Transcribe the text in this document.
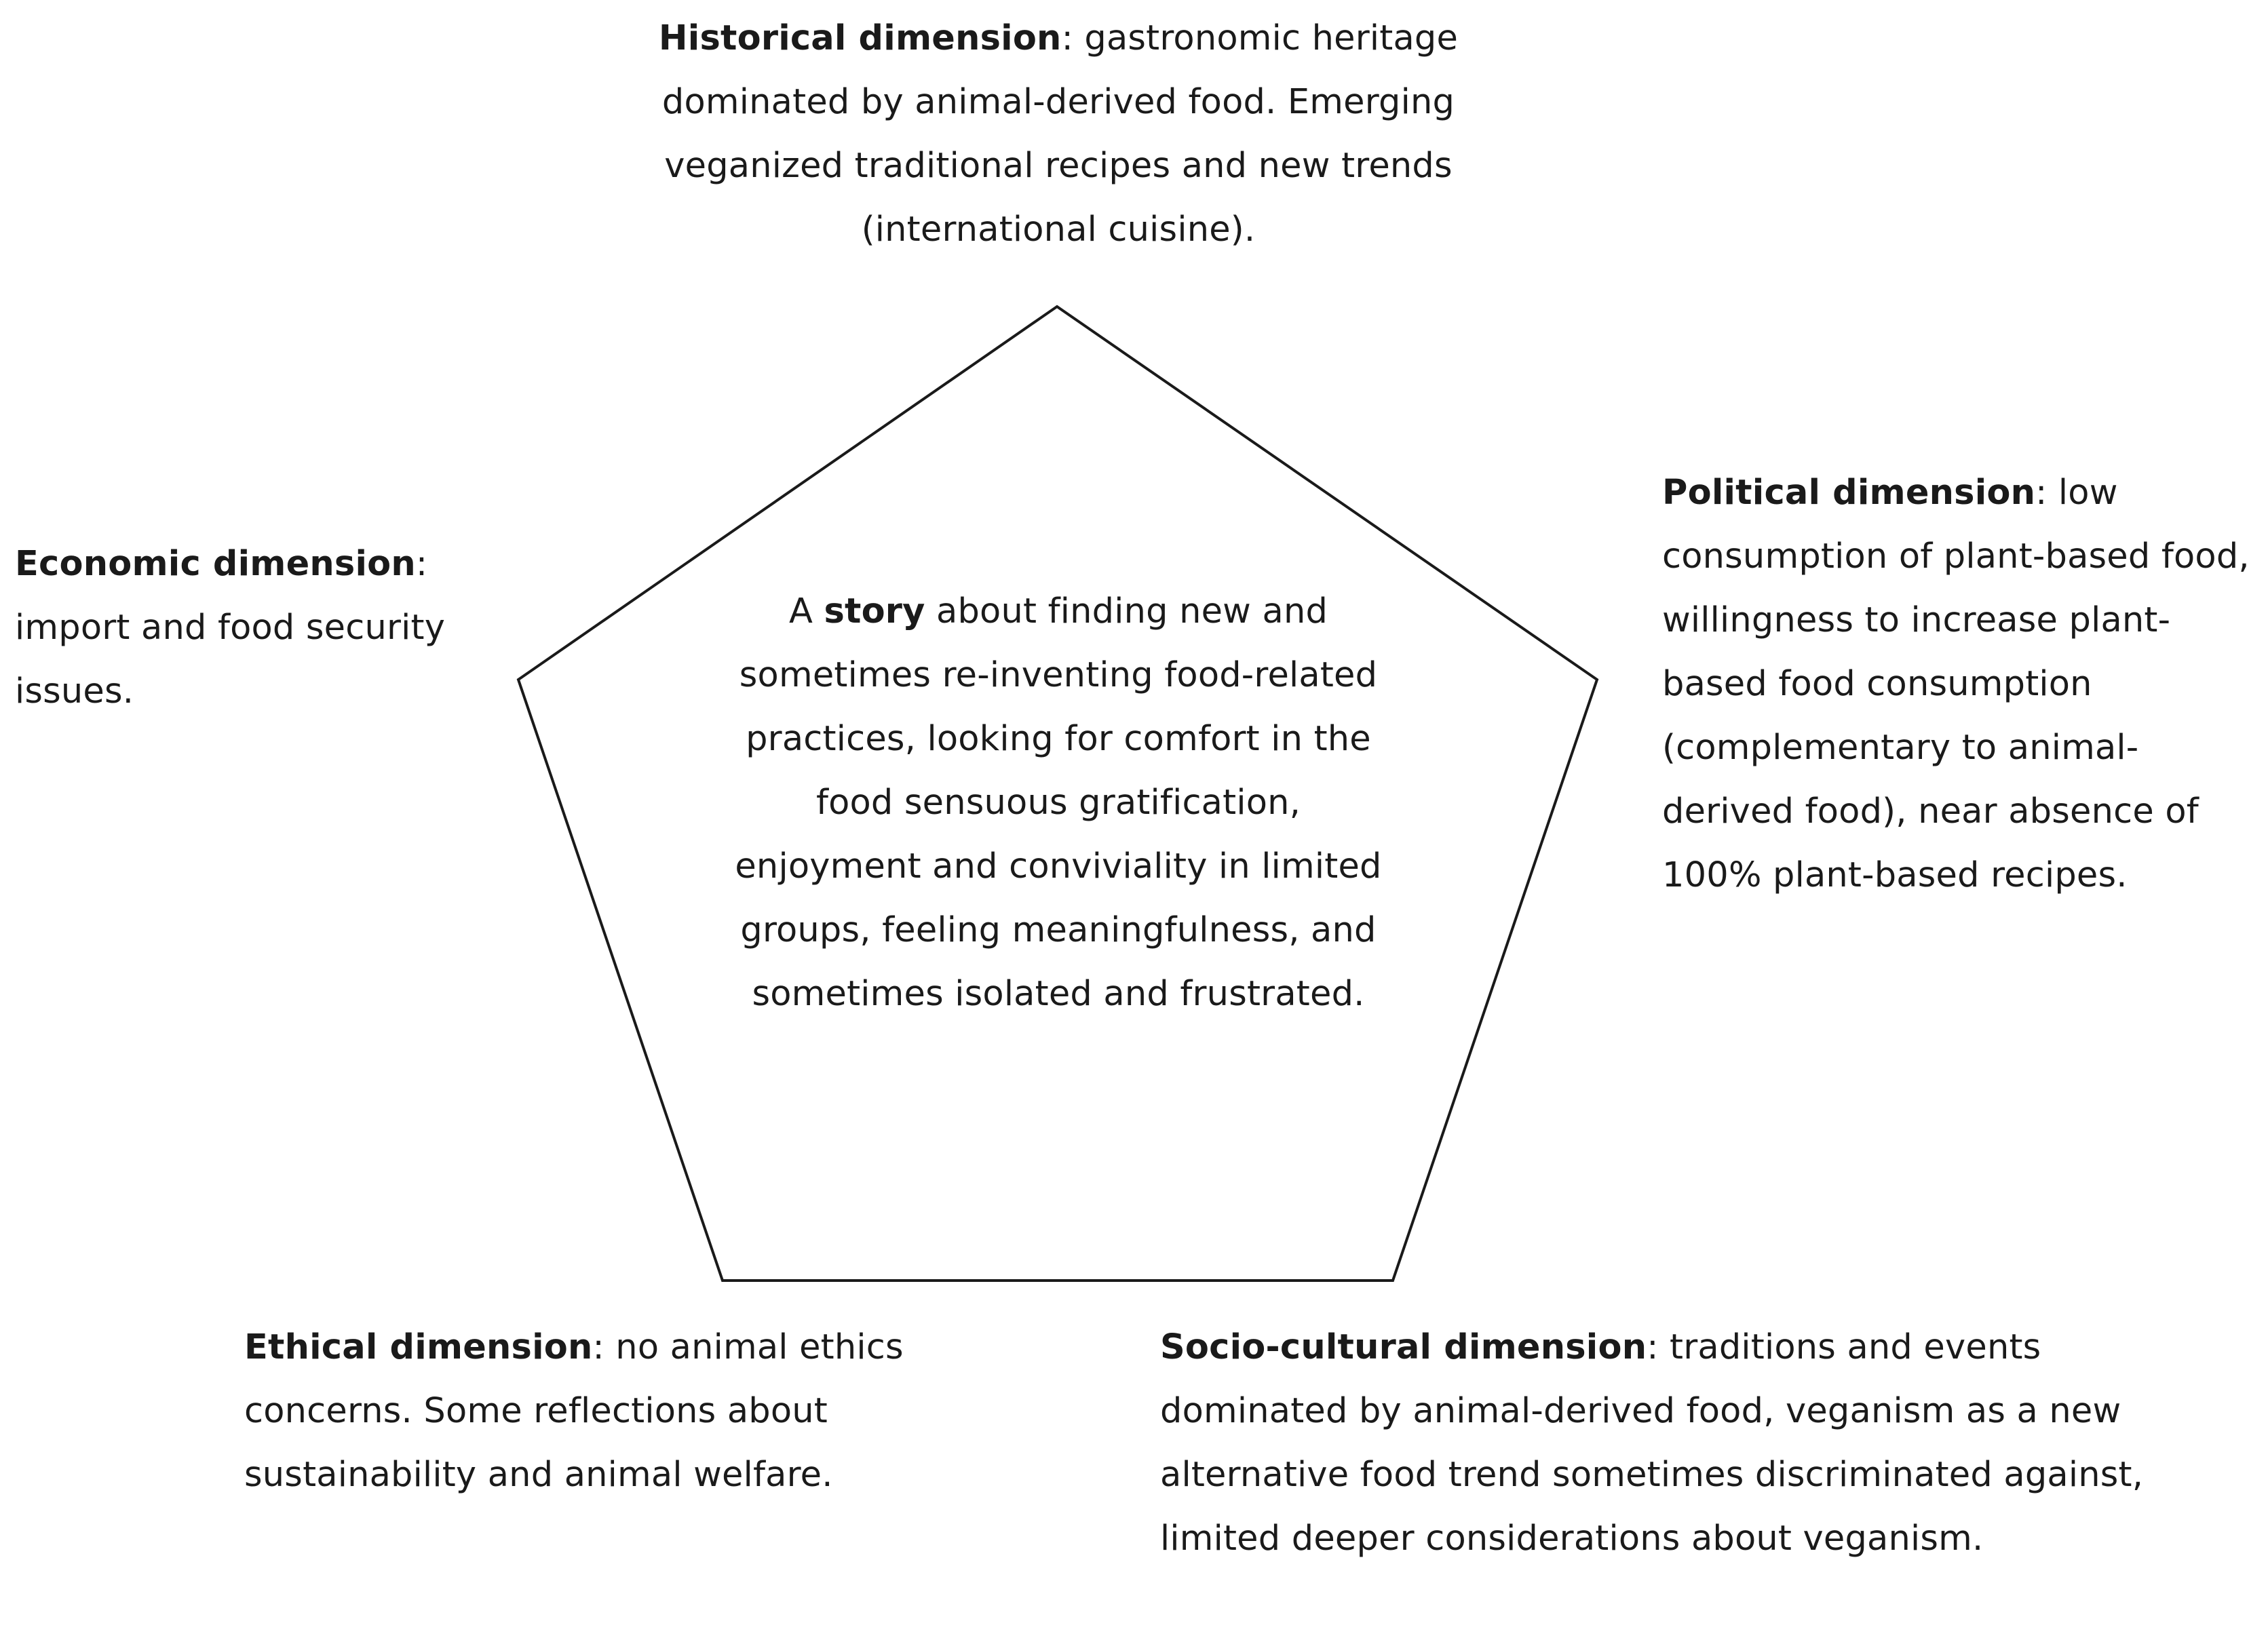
Historical dimension: gastronomic heritage dominated by animal-derived food. Emerging veganized traditional recipes and new trends (international cuisine).

A story about finding new and sometimes re-inventing food-related practices, looking for comfort in the food sensuous gratification, enjoyment and conviviality in limited groups, feeling meaningfulness, and sometimes isolated and frustrated.

Economic dimension: import and food security issues.

Political dimension: low consumption of plant-based food, willingness to increase plant-based food consumption (complementary to animal-derived food), near absence of 100% plant-based recipes.

Ethical dimension: no animal ethics concerns. Some reflections about sustainability and animal welfare.

Socio-cultural dimension: traditions and events dominated by animal-derived food, veganism as a new alternative food trend sometimes discriminated against, limited deeper considerations about veganism.
